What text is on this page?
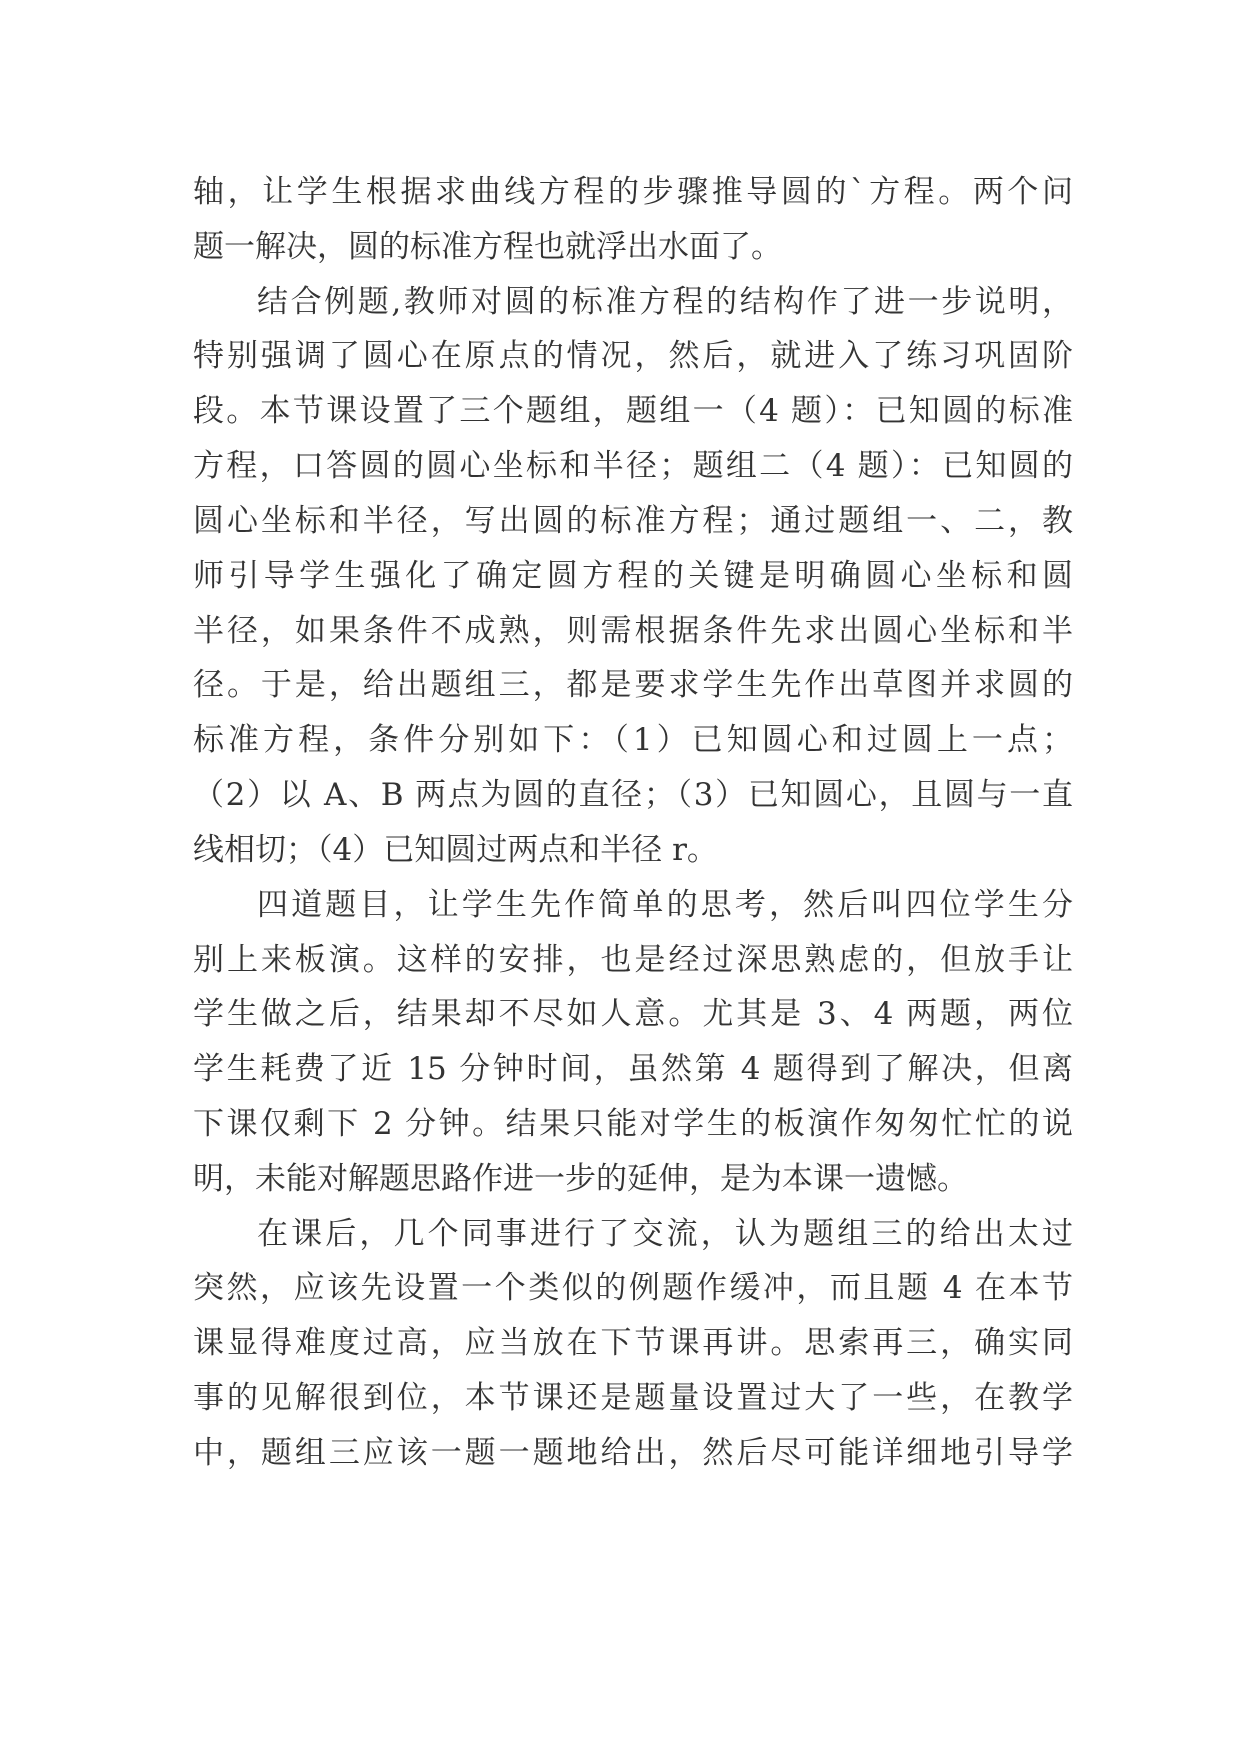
轴，让学生根据求曲线方程的步骤推导圆的`方程。两个问
题一解决，圆的标准方程也就浮出水面了。
结合例题,教师对圆的标准方程的结构作了进一步说明，
特别强调了圆心在原点的情况，然后，就进入了练习巩固阶
段。本节课设置了三个题组，题组一（4 题）：已知圆的标准
方程，口答圆的圆心坐标和半径；题组二（4 题）：已知圆的
圆心坐标和半径，写出圆的标准方程；通过题组一、二，教
师引导学生强化了确定圆方程的关键是明确圆心坐标和圆
半径，如果条件不成熟，则需根据条件先求出圆心坐标和半
径。于是，给出题组三，都是要求学生先作出草图并求圆的
标准方程，条件分别如下：（1）已知圆心和过圆上一点；
（2）以 A、B 两点为圆的直径；（3）已知圆心，且圆与一直
线相切；（4）已知圆过两点和半径 r。
四道题目，让学生先作简单的思考，然后叫四位学生分
别上来板演。这样的安排，也是经过深思熟虑的，但放手让
学生做之后，结果却不尽如人意。尤其是 3、4 两题，两位
学生耗费了近 15 分钟时间，虽然第 4 题得到了解决，但离
下课仅剩下 2 分钟。结果只能对学生的板演作匆匆忙忙的说
明，未能对解题思路作进一步的延伸，是为本课一遗憾。
在课后，几个同事进行了交流，认为题组三的给出太过
突然，应该先设置一个类似的例题作缓冲，而且题 4 在本节
课显得难度过高，应当放在下节课再讲。思索再三，确实同
事的见解很到位，本节课还是题量设置过大了一些，在教学
中，题组三应该一题一题地给出，然后尽可能详细地引导学
